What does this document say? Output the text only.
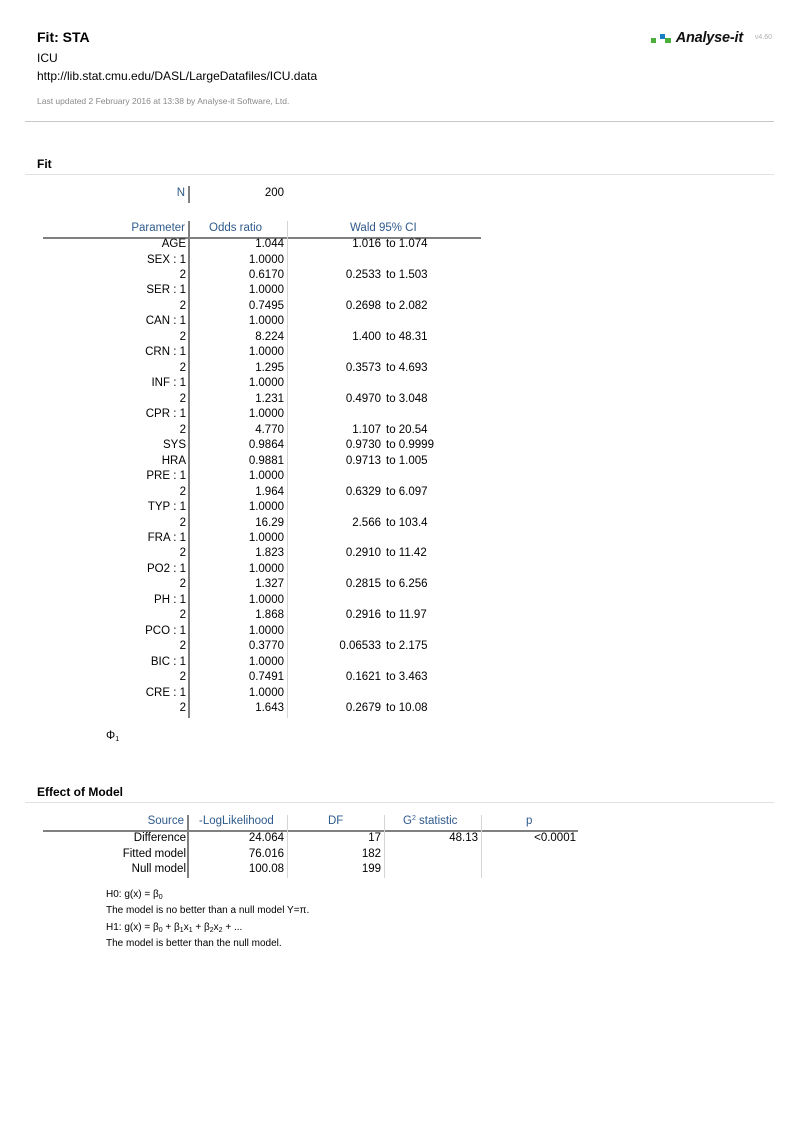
Fit: STA
ICU
http://lib.stat.cmu.edu/DASL/LargeDatafiles/ICU.data
Last updated 2 February 2016 at 13:38 by Analyse-it Software, Ltd.
Analyse-it v4.60
Fit
N	200
Parameter Odds ratio	Wald 95% CI
AGE	1.044	1.016 to 1.074
SEX : 1	1.0000
2	0.6170	0.2533 to 1.503
SER : 1	1.0000
2	0.7495	0.2698 to 2.082
CAN : 1	1.0000
2	8.224	1.400 to 48.31
CRN : 1	1.0000
2	1.295	0.3573 to 4.693
INF : 1	1.0000
2	1.231	0.4970 to 3.048
CPR : 1	1.0000
2	4.770	1.107 to 20.54
SYS	0.9864	0.9730 to 0.9999
HRA	0.9881	0.9713 to 1.005
PRE : 1	1.0000
2	1.964	0.6329 to 6.097
TYP : 1	1.0000
2	16.29	2.566 to 103.4
FRA : 1	1.0000
2	1.823	0.2910 to 11.42
PO2 : 1	1.0000
2	1.327	0.2815 to 6.256
PH : 1	1.0000
2	1.868	0.2916 to 11.97
PCO : 1	1.0000
2	0.3770	0.06533 to 2.175
BIC : 1	1.0000
2	0.7491	0.1621 to 3.463
CRE : 1	1.0000
2	1.643	0.2679 to 10.08
$\Phi_1$
Effect of Model
Source -LogLikelihood	DF	$G^2$ statistic	p
Difference	24.064	17	48.13	<0.0001
Fitted model	76.016	182
Null model	100.08	199
H0: $g(x) = \beta_0$
The model is no better than a null model Y=π.
H1: $g(x) = \beta_0 + \beta_1x_1 + \beta_2x_2$ + ...
The model is better than the null model.
